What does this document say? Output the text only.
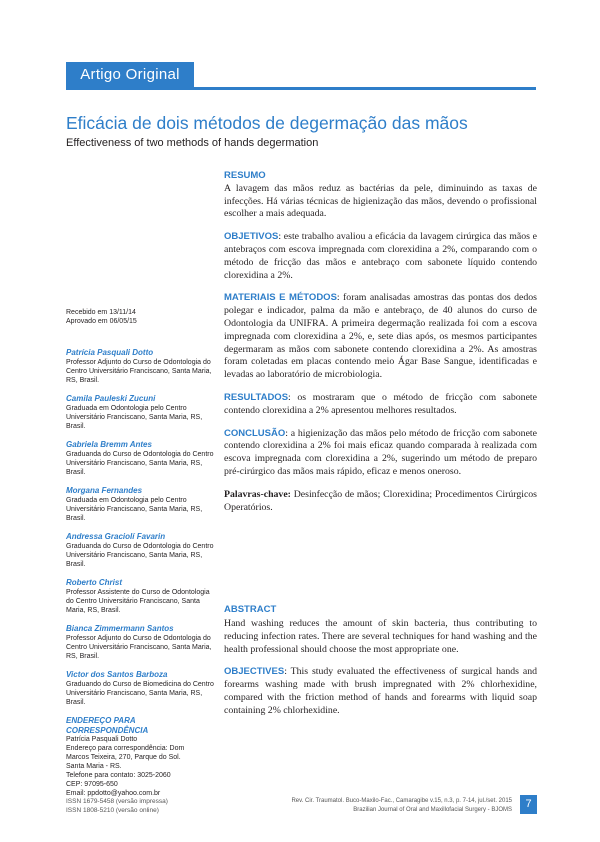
Artigo Original
Eficácia de dois métodos de degermação das mãos
Effectiveness of two methods of hands degermation
Recebido em 13/11/14
Aprovado em 06/05/15
Patrícia Pasquali Dotto
Professor Adjunto do Curso de Odontologia do Centro Universitário Franciscano, Santa Maria, RS, Brasil.
Camila Pauleski Zucuni
Graduada em Odontologia pelo Centro Universitário Franciscano, Santa Maria, RS, Brasil.
Gabriela Bremm Antes
Graduanda do Curso de Odontologia do Centro Universitário Franciscano, Santa Maria, RS, Brasil.
Morgana Fernandes
Graduada em Odontologia pelo Centro Universitário Franciscano, Santa Maria, RS, Brasil.
Andressa Graciolí Favarin
Graduanda do Curso de Odontologia do Centro Universitário Franciscano, Santa Maria, RS, Brasil.
Roberto Christ
Professor Assistente do Curso de Odontologia do Centro Universitário Franciscano, Santa Maria, RS, Brasil.
Bianca Zimmermann Santos
Professor Adjunto do Curso de Odontologia do Centro Universitário Franciscano, Santa Maria, RS, Brasil.
Victor dos Santos Barboza
Graduando do Curso de Biomedicina do Centro Universitário Franciscano, Santa Maria, RS, Brasil.
ENDEREÇO PARA
CORRESPONDÊNCIA
Patrícia Pasquali Dotto
Endereço para correspondência: Dom
Marcos Teixeira, 270, Parque do Sol.
Santa Maria - RS.
Telefone para contato: 3025-2060
CEP: 97095-650
Email: ppdotto@yahoo.com.br
RESUMO
A lavagem das mãos reduz as bactérias da pele, diminuindo as taxas de infecções. Há várias técnicas de higienização das mãos, devendo o profissional escolher a mais adequada.
OBJETIVOS: este trabalho avaliou a eficácia da lavagem cirúrgica das mãos e antebraços com escova impregnada com clorexidina a 2%, comparando com o método de fricção das mãos e antebraço com sabonete líquido contendo clorexidina a 2%.
MATERIAIS E MÉTODOS: foram analisadas amostras das pontas dos dedos polegar e indicador, palma da mão e antebraço, de 40 alunos do curso de Odontologia da UNIFRA. A primeira degermação realizada foi com a escova impregnada com clorexidina a 2%, e, sete dias após, os mesmos participantes degermaram as mãos com sabonete contendo clorexidina a 2%. As amostras foram coletadas em placas contendo meio Ágar Base Sangue, identificadas e levadas ao laboratório de microbiologia.
RESULTADOS: os mostraram que o método de fricção com sabonete contendo clorexidina a 2% apresentou melhores resultados.
CONCLUSÃO: a higienização das mãos pelo método de fricção com sabonete contendo clorexidina a 2% foi mais eficaz quando comparada à realizada com escova impregnada com clorexidina a 2%, sugerindo um método de preparo pré-cirúrgico das mãos mais rápido, eficaz e menos oneroso.
Palavras-chave: Desinfecção de mãos; Clorexidina; Procedimentos Cirúrgicos Operatórios.
ABSTRACT
Hand washing reduces the amount of skin bacteria, thus contributing to reducing infection rates. There are several techniques for hand washing and the health professional should choose the most appropriate one.
OBJECTIVES: This study evaluated the effectiveness of surgical hands and forearms washing made with brush impregnated with 2% chlorhexidine, compared with the friction method of hands and forearms with liquid soap containing 2% chlorhexidine.
ISSN 1679-5458 (versão impressa)
ISSN 1808-5210 (versão online)
Rev. Cir. Traumatol. Buco-Maxilo-Fac., Camaragibe v.15, n.3, p. 7-14, jul./set. 2015
Brazilian Journal of Oral and Maxillofacial Surgery - BJOMS	7
